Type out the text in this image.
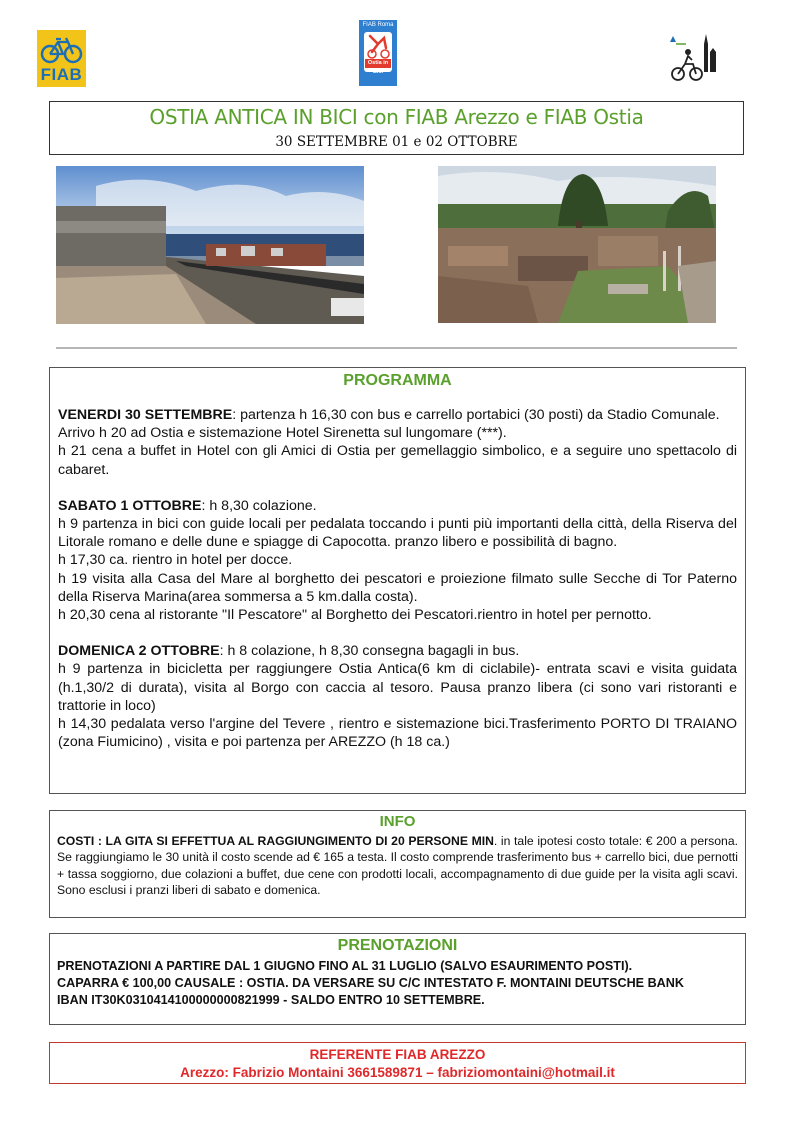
FIAB
FIAB Roma
Ostia in Bici
OSTIA ANTICA IN BICI con FIAB Arezzo e FIAB Ostia
30 SETTEMBRE 01 e 02 OTTOBRE
PROGRAMMA

VENERDI 30 SETTEMBRE: partenza h 16,30 con bus e carrello portabici (30 posti) da Stadio Comunale.

Arrivo h 20 ad Ostia e sistemazione Hotel Sirenetta sul lungomare (***).

h 21 cena a buffet in Hotel con gli Amici di Ostia per gemellaggio simbolico, e a seguire uno spettacolo di cabaret.

SABATO 1 OTTOBRE: h 8,30 colazione.

h 9 partenza in bici con guide locali per pedalata toccando i punti più importanti della città, della Riserva del Litorale romano e delle dune e spiagge di Capocotta. pranzo libero e possibilità di bagno.

h 17,30 ca. rientro in hotel per docce.

h 19 visita alla Casa del Mare al borghetto dei pescatori e proiezione filmato sulle Secche di Tor Paterno della Riserva Marina(area sommersa a 5 km.dalla costa).

h 20,30 cena al ristorante "Il Pescatore" al Borghetto dei Pescatori.rientro in hotel per pernotto.

DOMENICA 2 OTTOBRE: h 8 colazione, h 8,30 consegna bagagli in bus.

h 9 partenza in bicicletta per raggiungere Ostia Antica(6 km di ciclabile)- entrata scavi e visita guidata (h.1,30/2 di durata), visita al Borgo con caccia al tesoro. Pausa pranzo libera (ci sono vari ristoranti e trattorie in loco)

h 14,30 pedalata verso l'argine del Tevere , rientro e sistemazione bici.Trasferimento PORTO DI TRAIANO (zona Fiumicino) , visita e poi partenza per AREZZO (h 18 ca.)

INFO
COSTI : LA GITA SI EFFETTUA AL RAGGIUNGIMENTO DI 20 PERSONE MIN. in tale ipotesi costo totale: € 200 a persona. Se raggiungiamo le 30 unità il costo scende ad € 165 a testa. Il costo comprende trasferimento bus + carrello bici, due pernotti + tassa soggiorno, due colazioni a buffet, due cene con prodotti locali, accompagnamento di due guide per la visita agli scavi. Sono esclusi i pranzi liberi di sabato e domenica.
PRENOTAZIONI

PRENOTAZIONI A PARTIRE DAL 1 GIUGNO FINO AL 31 LUGLIO (SALVO ESAURIMENTO POSTI).

CAPARRA € 100,00 CAUSALE : OSTIA. DA VERSARE SU C/C INTESTATO F. MONTAINI DEUTSCHE BANK

IBAN IT30K0310414100000000821999 - SALDO ENTRO 10 SETTEMBRE.

REFERENTE FIAB AREZZO
Arezzo: Fabrizio Montaini 3661589871 – fabriziomontaini@hotmail.it
